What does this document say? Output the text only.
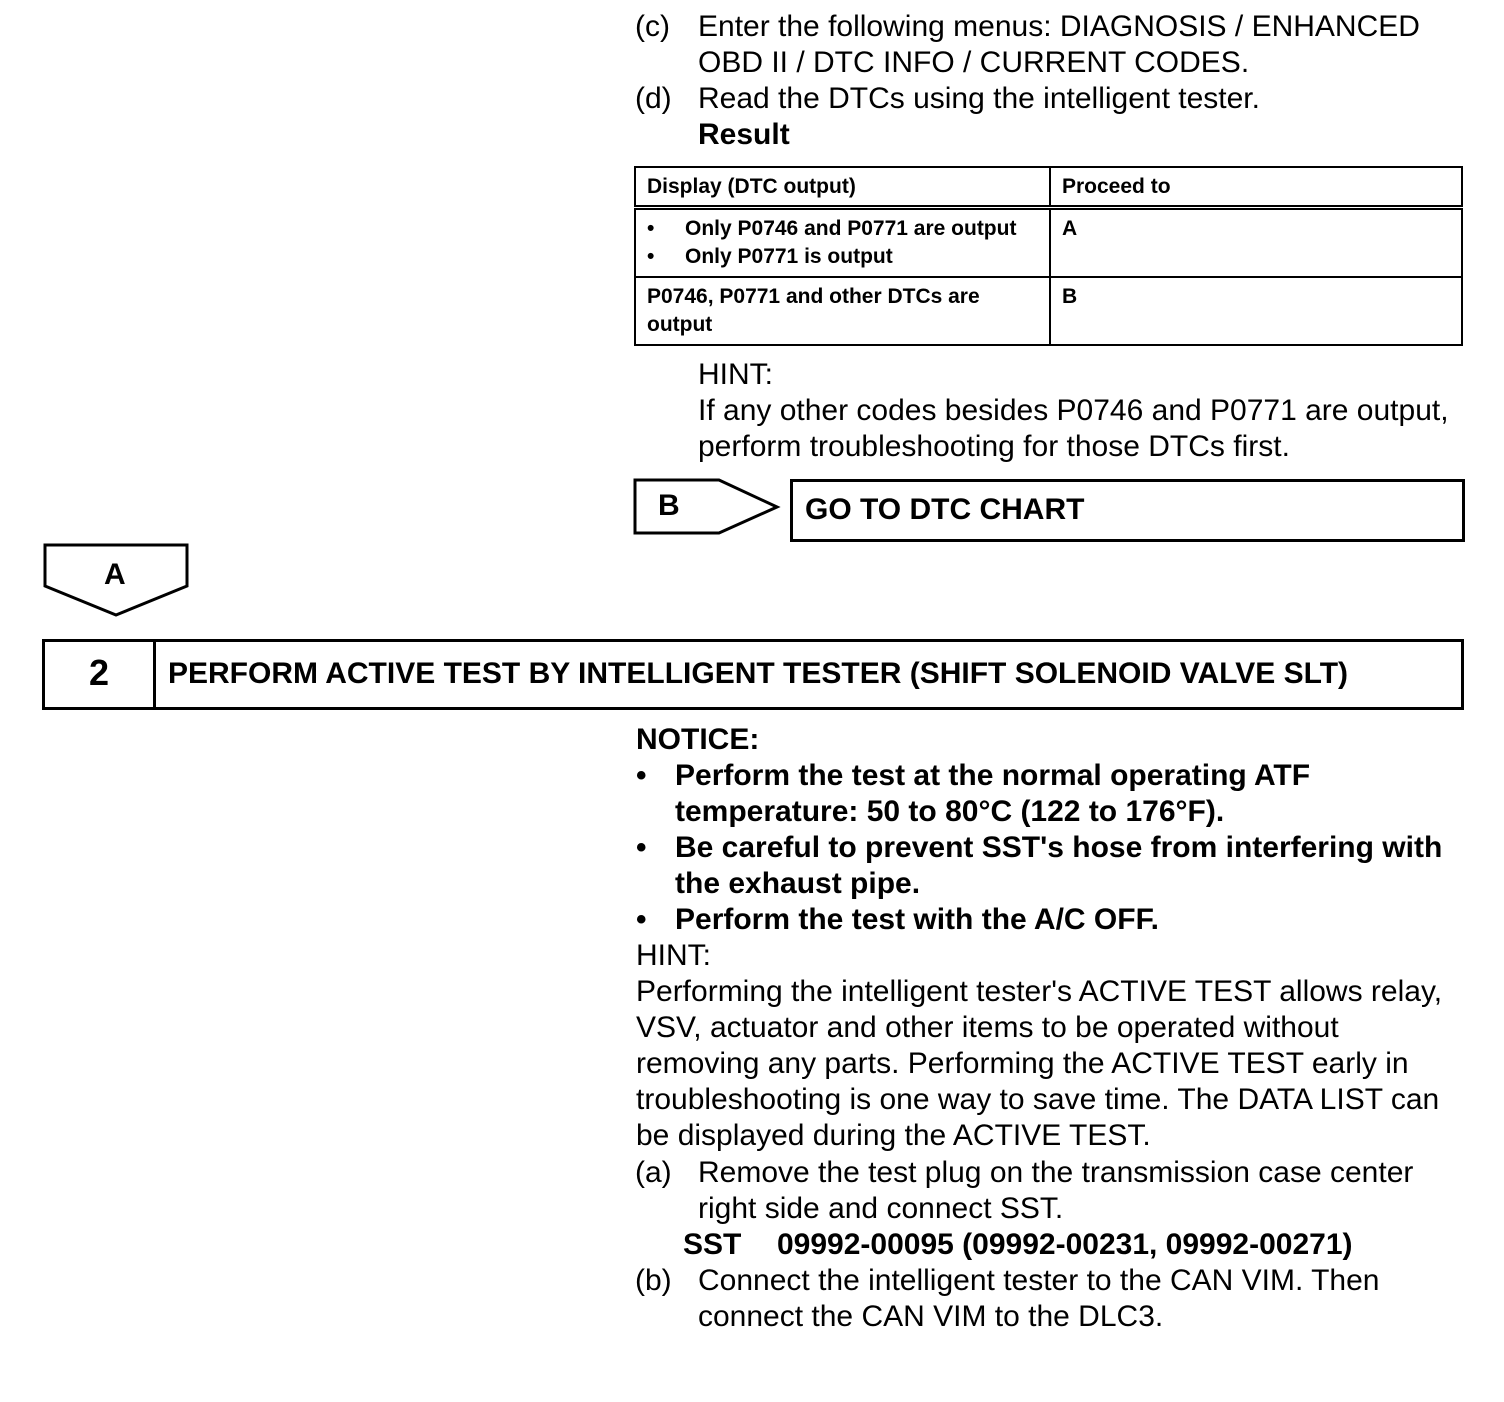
(c) Enter the following menus: DIAGNOSIS / ENHANCED
OBD II / DTC INFO / CURRENT CODES.
(d) Read the DTCs using the intelligent tester.
Result
Display (DTC output)	Proceed to

• Only P0746 and P0771 are output
• Only P0771 is output	A

P0746, P0771 and other DTCs are
output	B
HINT:
If any other codes besides P0746 and P0771 are output,
perform troubleshooting for those DTCs first.
B	GO TO DTC CHART
A
2	PERFORM ACTIVE TEST BY INTELLIGENT TESTER (SHIFT SOLENOID VALVE SLT)
NOTICE:
• Perform the test at the normal operating ATF
temperature: 50 to 80°C (122 to 176°F).
• Be careful to prevent SST's hose from interfering with
the exhaust pipe.
• Perform the test with the A/C OFF.
HINT:
Performing the intelligent tester's ACTIVE TEST allows relay,
VSV, actuator and other items to be operated without
removing any parts. Performing the ACTIVE TEST early in
troubleshooting is one way to save time. The DATA LIST can
be displayed during the ACTIVE TEST.
(a) Remove the test plug on the transmission case center
right side and connect SST.
SST 09992-00095 (09992-00231, 09992-00271)
(b) Connect the intelligent tester to the CAN VIM. Then
connect the CAN VIM to the DLC3.
